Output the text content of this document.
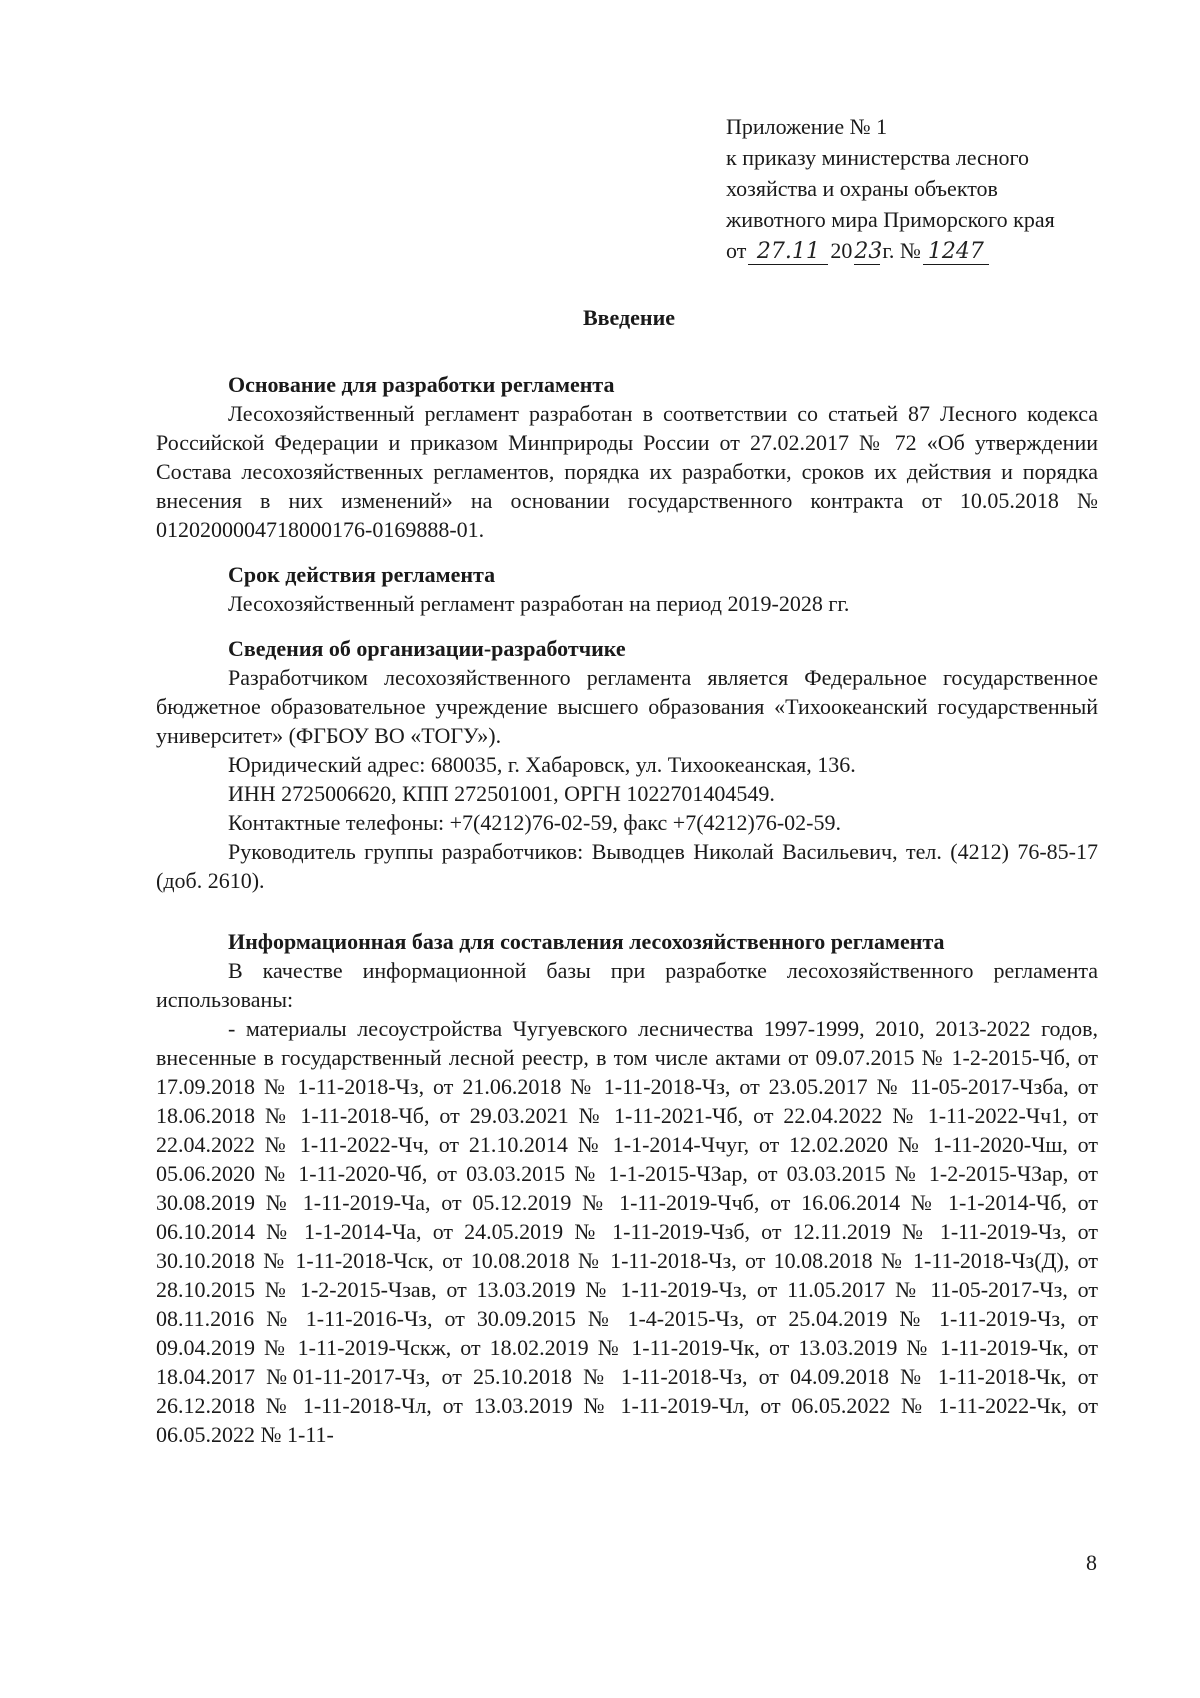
Приложение № 1
к приказу министерства лесного
хозяйства и охраны объектов
животного мира Приморского края
от 27.11 2023г. № 1247
Введение

Основание для разработки регламента

Лесохозяйственный регламент разработан в соответствии со статьей 87 Лесного кодекса Российской Федерации и приказом Минприроды России от 27.02.2017 № 72 «Об утверждении Состава лесохозяйственных регламентов, порядка их разработки, сроков их действия и порядка внесения в них изменений» на основании государственного контракта от 10.05.2018 № 0120200004718000176-0169888-01.

Срок действия регламента

Лесохозяйственный регламент разработан на период 2019-2028 гг.

Сведения об организации-разработчике

Разработчиком лесохозяйственного регламента является Федеральное государственное бюджетное образовательное учреждение высшего образования «Тихоокеанский государственный университет» (ФГБОУ ВО «ТОГУ»).

Юридический адрес: 680035, г. Хабаровск, ул. Тихоокеанская, 136.

ИНН 2725006620, КПП 272501001, ОРГН 1022701404549.

Контактные телефоны: +7(4212)76-02-59, факс +7(4212)76-02-59.

Руководитель группы разработчиков: Выводцев Николай Васильевич, тел. (4212) 76-85-17 (доб. 2610).

Информационная база для составления лесохозяйственного регламента

В качестве информационной базы при разработке лесохозяйственного регламента использованы:

- материалы лесоустройства Чугуевского лесничества 1997-1999, 2010, 2013-2022 годов, внесенные в государственный лесной реестр, в том числе актами от 09.07.2015 № 1-2-2015-Чб, от 17.09.2018 № 1-11-2018-Чз, от 21.06.2018 № 1-11-2018-Чз, от 23.05.2017 № 11-05-2017-Чзба, от 18.06.2018 № 1-11-2018-Чб, от 29.03.2021 № 1-11-2021-Чб, от 22.04.2022 № 1-11-2022-Чч1, от 22.04.2022 № 1-11-2022-Чч, от 21.10.2014 № 1-1-2014-Ччуг, от 12.02.2020 № 1-11-2020-Чш, от 05.06.2020 № 1-11-2020-Чб, от 03.03.2015 № 1-1-2015-ЧЗар, от 03.03.2015 № 1-2-2015-ЧЗар, от 30.08.2019 № 1-11-2019-Ча, от 05.12.2019 № 1-11-2019-Ччб, от 16.06.2014 № 1-1-2014-Чб, от 06.10.2014 № 1-1-2014-Ча, от 24.05.2019 № 1-11-2019-Чзб, от 12.11.2019 № 1-11-2019-Чз, от 30.10.2018 № 1-11-2018-Чск, от 10.08.2018 № 1-11-2018-Чз, от 10.08.2018 № 1-11-2018-Чз(Д), от 28.10.2015 № 1-2-2015-Чзав, от 13.03.2019 № 1-11-2019-Чз, от 11.05.2017 № 11-05-2017-Чз, от 08.11.2016 № 1-11-2016-Чз, от 30.09.2015 № 1-4-2015-Чз, от 25.04.2019 № 1-11-2019-Чз, от 09.04.2019 № 1-11-2019-Чскж, от 18.02.2019 № 1-11-2019-Чк, от 13.03.2019 № 1-11-2019-Чк, от 18.04.2017 №01-11-2017-Чз, от 25.10.2018 № 1-11-2018-Чз, от 04.09.2018 № 1-11-2018-Чк, от 26.12.2018 № 1-11-2018-Чл, от 13.03.2019 № 1-11-2019-Чл, от 06.05.2022 № 1-11-2022-Чк, от 06.05.2022 № 1-11-

8
